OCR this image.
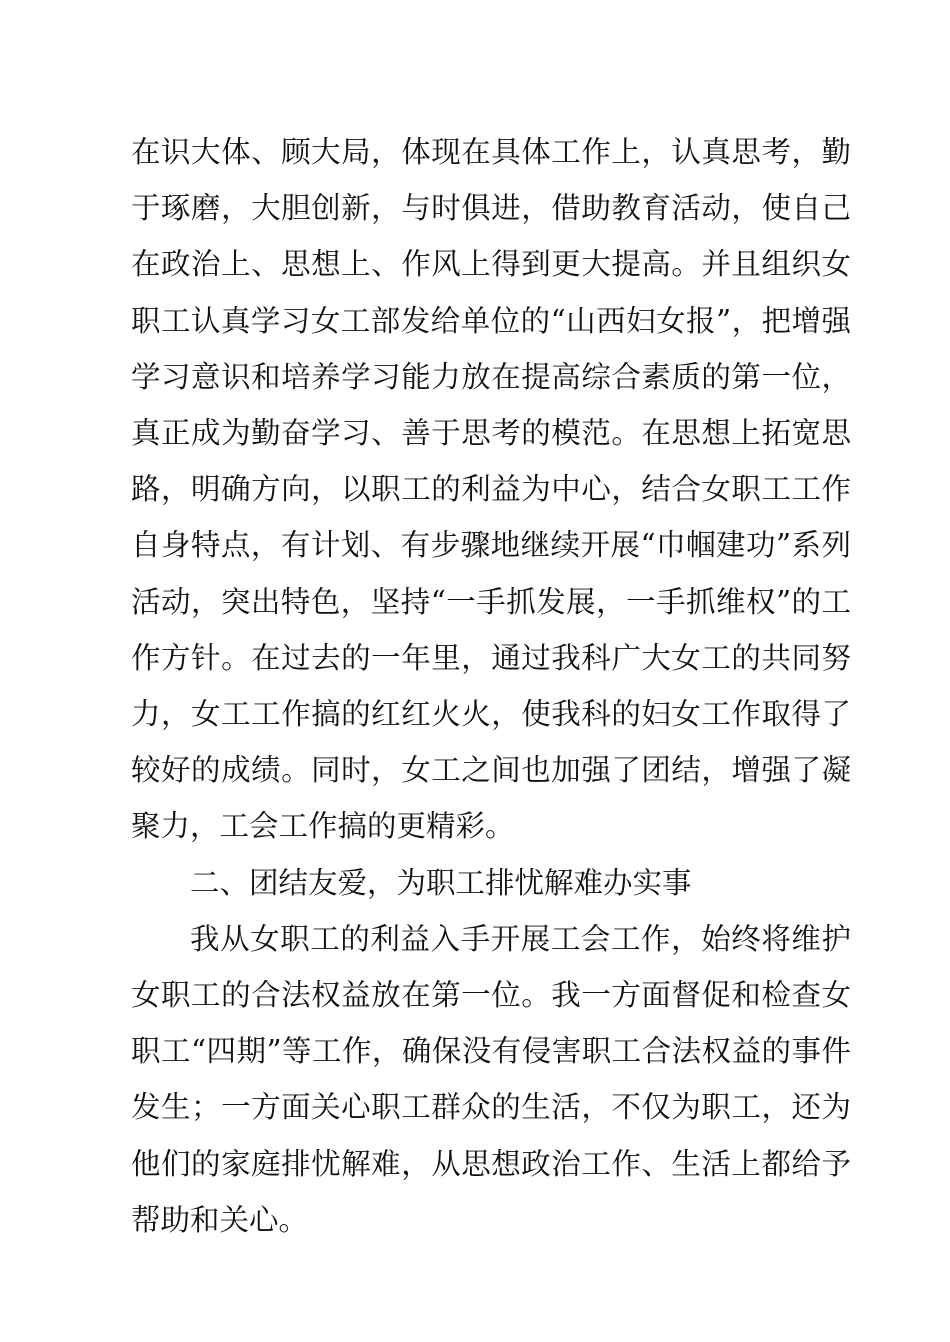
在识大体、顾大局，体现在具体工作上，认真思考，勤于琢磨，大胆创新，与时俱进，借助教育活动，使自己在政治上、思想上、作风上得到更大提高。并且组织女职工认真学习女工部发给单位的“山西妇女报”，把增强学习意识和培养学习能力放在提高综合素质的第一位，真正成为勤奋学习、善于思考的模范。在思想上拓宽思路，明确方向，以职工的利益为中心，结合女职工工作自身特点，有计划、有步骤地继续开展“巾帼建功”系列活动，突出特色，坚持“一手抓发展，一手抓维权”的工作方针。在过去的一年里，通过我科广大女工的共同努力，女工工作搞的红红火火，使我科的妇女工作取得了较好的成绩。同时，女工之间也加强了团结，增强了凝聚力，工会工作搞的更精彩。

二、团结友爱，为职工排忧解难办实事

我从女职工的利益入手开展工会工作，始终将维护女职工的合法权益放在第一位。我一方面督促和检查女职工“四期”等工作，确保没有侵害职工合法权益的事件发生；一方面关心职工群众的生活，不仅为职工，还为他们的家庭排忧解难，从思想政治工作、生活上都给予帮助和关心。
